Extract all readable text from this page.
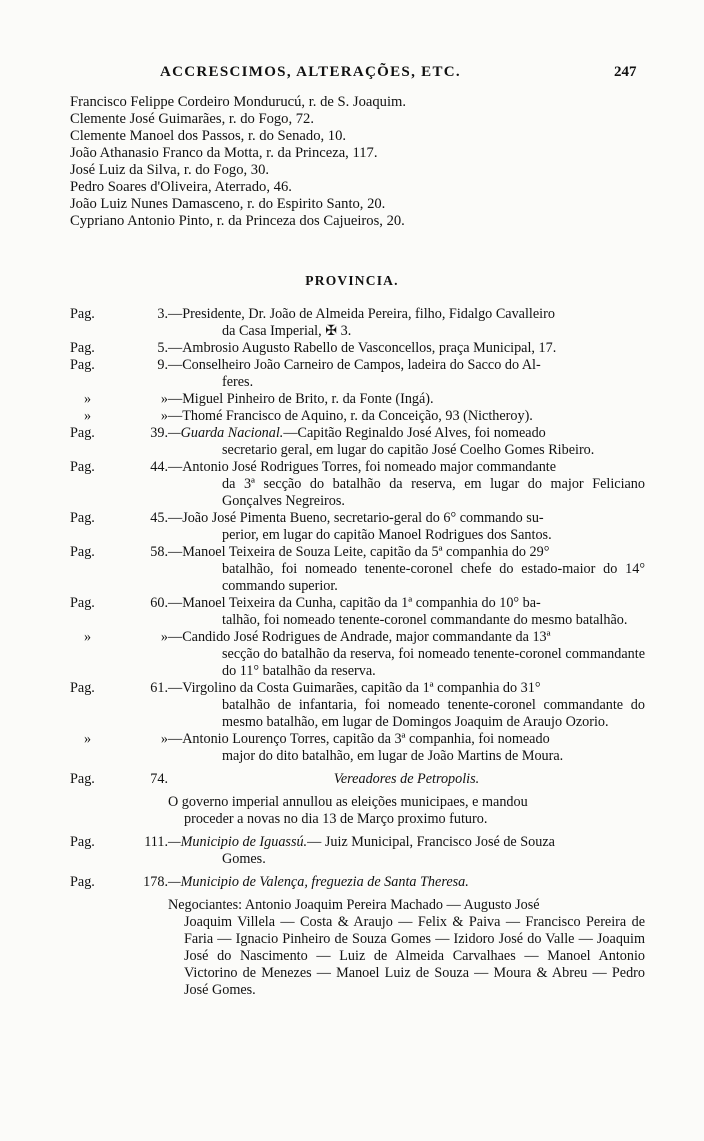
ACCRESCIMOS, ALTERAÇÕES, ETC.	247
Francisco Felippe Cordeiro Mondurucú, r. de S. Joaquim.
Clemente José Guimarães, r. do Fogo, 72.
Clemente Manoel dos Passos, r. do Senado, 10.
João Athanasio Franco da Motta, r. da Princeza, 117.
José Luiz da Silva, r. do Fogo, 30.
Pedro Soares d'Oliveira, Aterrado, 46.
João Luiz Nunes Damasceno, r. do Espirito Santo, 20.
Cypriano Antonio Pinto, r. da Princeza dos Cajueiros, 20.
PROVINCIA.
Pag.	3. —Presidente, Dr. João de Almeida Pereira, filho, Fidalgo Cavalleiro
da Casa Imperial, ✠ 3.
Pag.	5. —Ambrosio Augusto Rabello de Vasconcellos, praça Municipal, 17.
Pag.	9. —Conselheiro João Carneiro de Campos, ladeira do Sacco do Al-
feres.
»	» —Miguel Pinheiro de Brito, r. da Fonte (Ingá).
»	» —Thomé Francisco de Aquino, r. da Conceição, 93 (Nictheroy).
Pag.	39. —Guarda Nacional.—Capitão Reginaldo José Alves, foi nomeado
secretario geral, em lugar do capitão José Coelho Gomes Ribeiro.
Pag.	44. —Antonio José Rodrigues Torres, foi nomeado major commandante
da 3ª secção do batalhão da reserva, em lugar do major Feliciano Gonçalves Negreiros.
Pag.	45. —João José Pimenta Bueno, secretario-geral do 6° commando su-
perior, em lugar do capitão Manoel Rodrigues dos Santos.
Pag.	58. —Manoel Teixeira de Souza Leite, capitão da 5ª companhia do 29°
batalhão, foi nomeado tenente-coronel chefe do estado-maior do 14° commando superior.
Pag.	60. —Manoel Teixeira da Cunha, capitão da 1ª companhia do 10° ba-
talhão, foi nomeado tenente-coronel commandante do mesmo batalhão.
»	» —Candido José Rodrigues de Andrade, major commandante da 13ª
secção do batalhão da reserva, foi nomeado tenente-coronel commandante do 11° batalhão da reserva.
Pag.	61. —Virgolino da Costa Guimarães, capitão da 1ª companhia do 31°
batalhão de infantaria, foi nomeado tenente-coronel commandante do mesmo batalhão, em lugar de Domingos Joaquim de Araujo Ozorio.
»	» —Antonio Lourenço Torres, capitão da 3ª companhia, foi nomeado
major do dito batalhão, em lugar de João Martins de Moura.
Pag.	74.	Vereadores de Petropolis.
O governo imperial annullou as eleições municipaes, e mandou
proceder a novas no dia 13 de Março proximo futuro.
Pag.	111. —Municipio de Iguassú.— Juiz Municipal, Francisco José de Souza
Gomes.
Pag.	178. —Municipio de Valença, freguezia de Santa Theresa.
Negociantes: Antonio Joaquim Pereira Machado — Augusto José
Joaquim Villela — Costa & Araujo — Felix & Paiva — Francisco Pereira de Faria — Ignacio Pinheiro de Souza Gomes — Izidoro José do Valle — Joaquim José do Nascimento — Luiz de Almeida Carvalhaes — Manoel Antonio Victorino de Menezes — Manoel Luiz de Souza — Moura & Abreu — Pedro José Gomes.
